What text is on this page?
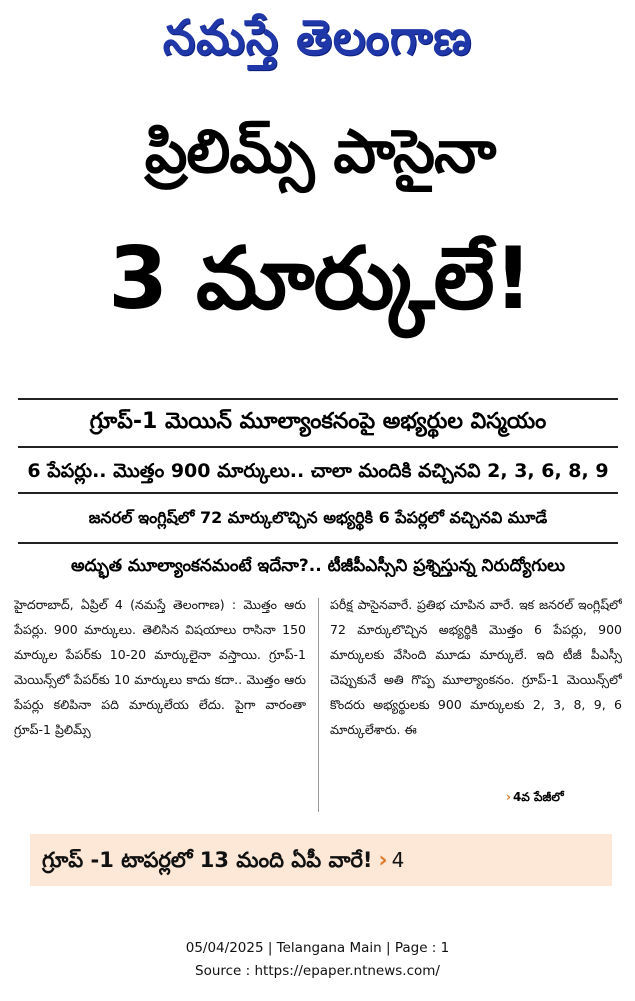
నమస్తే తెలంగాణ
ప్రిలిమ్స్ పాసైనా
3 మార్కులే!
గ్రూప్-1 మెయిన్ మూల్యాంకనంపై అభ్యర్థుల విస్మయం
6 పేపర్లు.. మొత్తం 900 మార్కులు.. చాలా మందికి వచ్చినవి 2, 3, 6, 8, 9
జనరల్ ఇంగ్లిష్‌లో 72 మార్కులొచ్చిన అభ్యర్థికి 6 పేపర్లలో వచ్చినవి మూడే
అద్భుత మూల్యాంకనమంటే ఇదేనా?.. టీజీపీఎస్సీని ప్రశ్నిస్తున్న నిరుద్యోగులు
హైదరాబాద్, ఏప్రిల్ 4 (నమస్తే తెలంగాణ) : మొత్తం ఆరు పేపర్లు. 900 మార్కులు. తెలిసిన విషయాలు రాసినా 150 మార్కుల పేపర్‌కు 10-20 మార్కులైనా వస్తాయి. గ్రూప్-1 మెయిన్స్‌లో పేపర్‌కు 10 మార్కులు కాదు కదా.. మొత్తం ఆరు పేపర్లు కలిపినా పది మార్కులేయ లేదు. పైగా వారంతా గ్రూప్-1 ప్రిలిమ్స్
పరీక్ష పాసైనవారే. ప్రతిభ చూపిన వారే. ఇక జనరల్ ఇంగ్లిష్‌లో 72 మార్కులొచ్చిన అభ్యర్థికి మొత్తం 6 పేపర్లు, 900 మార్కులకు వేసింది మూడు మార్కులే. ఇది టీజీ పీఎస్సీ చెప్పుకునే అతి గొప్ప మూల్యాంకనం. గ్రూప్-1 మెయిన్స్‌లో కొందరు అభ్యర్థులకు 900 మార్కులకు 2, 3, 8, 9, 6 మార్కులేశారు. ఈ
› 4వ పేజీలో
గ్రూప్ -1 టాపర్లలో 13 మంది ఏపీ వారే! › 4
05/04/2025 | Telangana Main | Page : 1
Source : https://epaper.ntnews.com/
